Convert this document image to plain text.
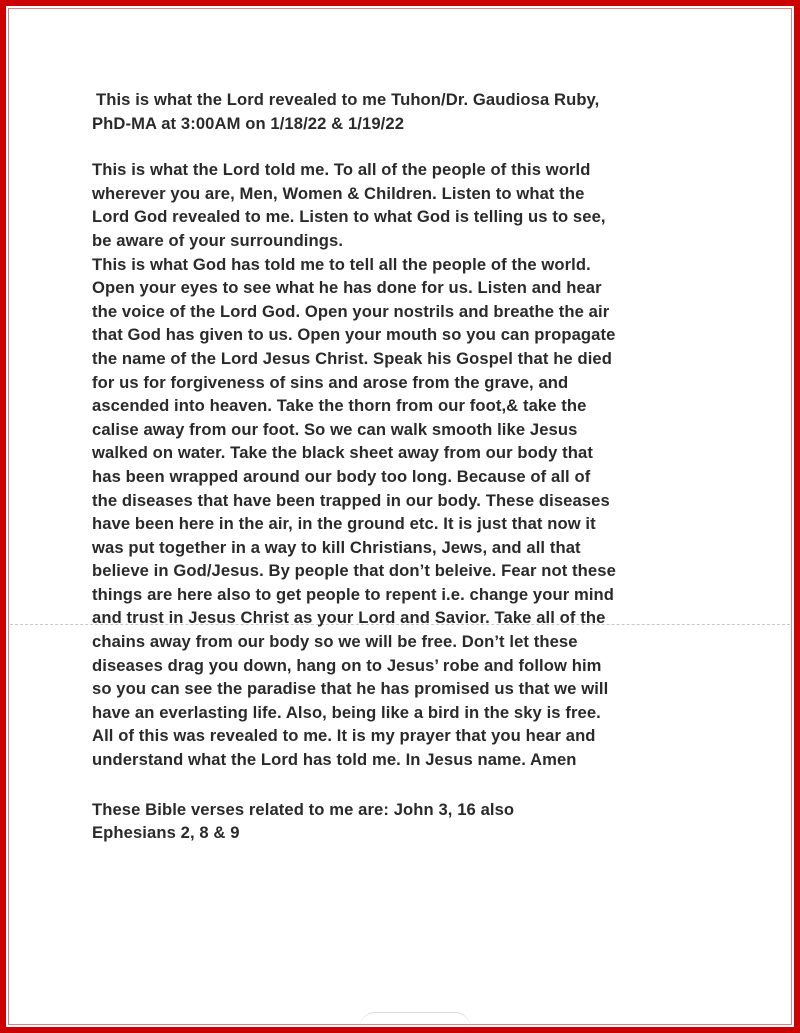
This is what the Lord revealed to me Tuhon/Dr. Gaudiosa Ruby,
PhD-MA at 3:00AM on 1/18/22 & 1/19/22
This is what the Lord told me. To all of the people of this world
wherever you are, Men, Women & Children. Listen to what the
Lord God revealed to me. Listen to what God is telling us to see,
be aware of your surroundings.
This is what God has told me to tell all the people of the world.
Open your eyes to see what he has done for us. Listen and hear
the voice of the Lord God. Open your nostrils and breathe the air
that God has given to us. Open your mouth so you can propagate
the name of the Lord Jesus Christ. Speak his Gospel that he died
for us for forgiveness of sins and arose from the grave, and
ascended into heaven. Take the thorn from our foot,& take the
calise away from our foot. So we can walk smooth like Jesus
walked on water. Take the black sheet away from our body that
has been wrapped around our body too long. Because of all of
the diseases that have been trapped in our body. These diseases
have been here in the air, in the ground etc. It is just that now it
was put together in a way to kill Christians, Jews, and all that
believe in God/Jesus. By people that don’t beleive. Fear not these
things are here also to get people to repent i.e. change your mind
and trust in Jesus Christ as your Lord and Savior. Take all of the
chains away from our body so we will be free. Don’t let these
diseases drag you down, hang on to Jesus’ robe and follow him
so you can see the paradise that he has promised us that we will
have an everlasting life. Also, being like a bird in the sky is free.
All of this was revealed to me. It is my prayer that you hear and
understand what the Lord has told me. In Jesus name. Amen
These Bible verses related to me are: John 3, 16 also
Ephesians 2, 8 & 9
